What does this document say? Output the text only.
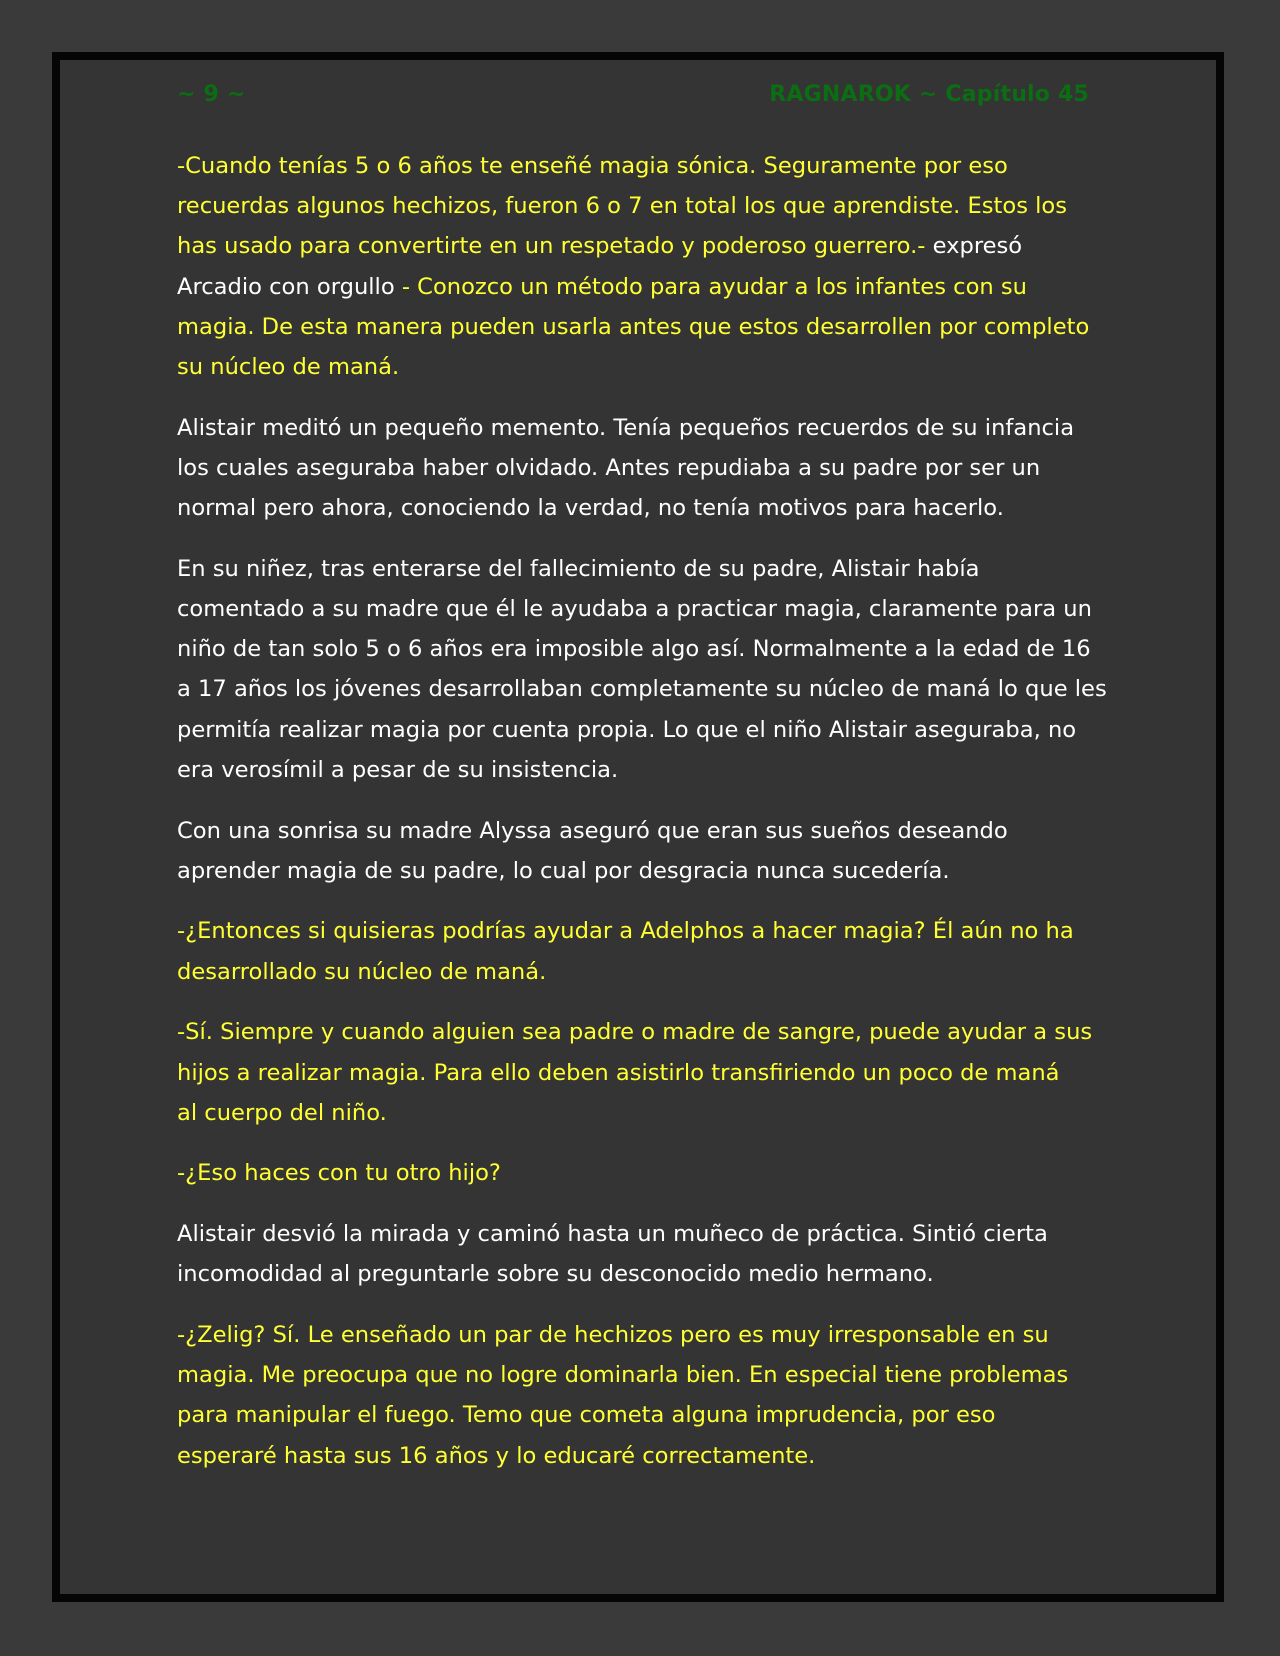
~ 9 ~	RAGNAROK ~ Capítulo 45

-Cuando tenías 5 o 6 años te enseñé magia sónica. Seguramente por eso
recuerdas algunos hechizos, fueron 6 o 7 en total los que aprendiste. Estos los
has usado para convertirte en un respetado y poderoso guerrero.- expresó
Arcadio con orgullo - Conozco un método para ayudar a los infantes con su
magia. De esta manera pueden usarla antes que estos desarrollen por completo
su núcleo de maná.

Alistair meditó un pequeño memento. Tenía pequeños recuerdos de su infancia
los cuales aseguraba haber olvidado. Antes repudiaba a su padre por ser un
normal pero ahora, conociendo la verdad, no tenía motivos para hacerlo.

En su niñez, tras enterarse del fallecimiento de su padre, Alistair había
comentado a su madre que él le ayudaba a practicar magia, claramente para un
niño de tan solo 5 o 6 años era imposible algo así. Normalmente a la edad de 16
a 17 años los jóvenes desarrollaban completamente su núcleo de maná lo que les
permitía realizar magia por cuenta propia. Lo que el niño Alistair aseguraba, no
era verosímil a pesar de su insistencia.

Con una sonrisa su madre Alyssa aseguró que eran sus sueños deseando
aprender magia de su padre, lo cual por desgracia nunca sucedería.

-¿Entonces si quisieras podrías ayudar a Adelphos a hacer magia? Él aún no ha
desarrollado su núcleo de maná.

-Sí. Siempre y cuando alguien sea padre o madre de sangre, puede ayudar a sus
hijos a realizar magia. Para ello deben asistirlo transfiriendo un poco de maná
al cuerpo del niño.

-¿Eso haces con tu otro hijo?

Alistair desvió la mirada y caminó hasta un muñeco de práctica. Sintió cierta
incomodidad al preguntarle sobre su desconocido medio hermano.

-¿Zelig? Sí. Le enseñado un par de hechizos pero es muy irresponsable en su
magia. Me preocupa que no logre dominarla bien. En especial tiene problemas
para manipular el fuego. Temo que cometa alguna imprudencia, por eso
esperaré hasta sus 16 años y lo educaré correctamente.
